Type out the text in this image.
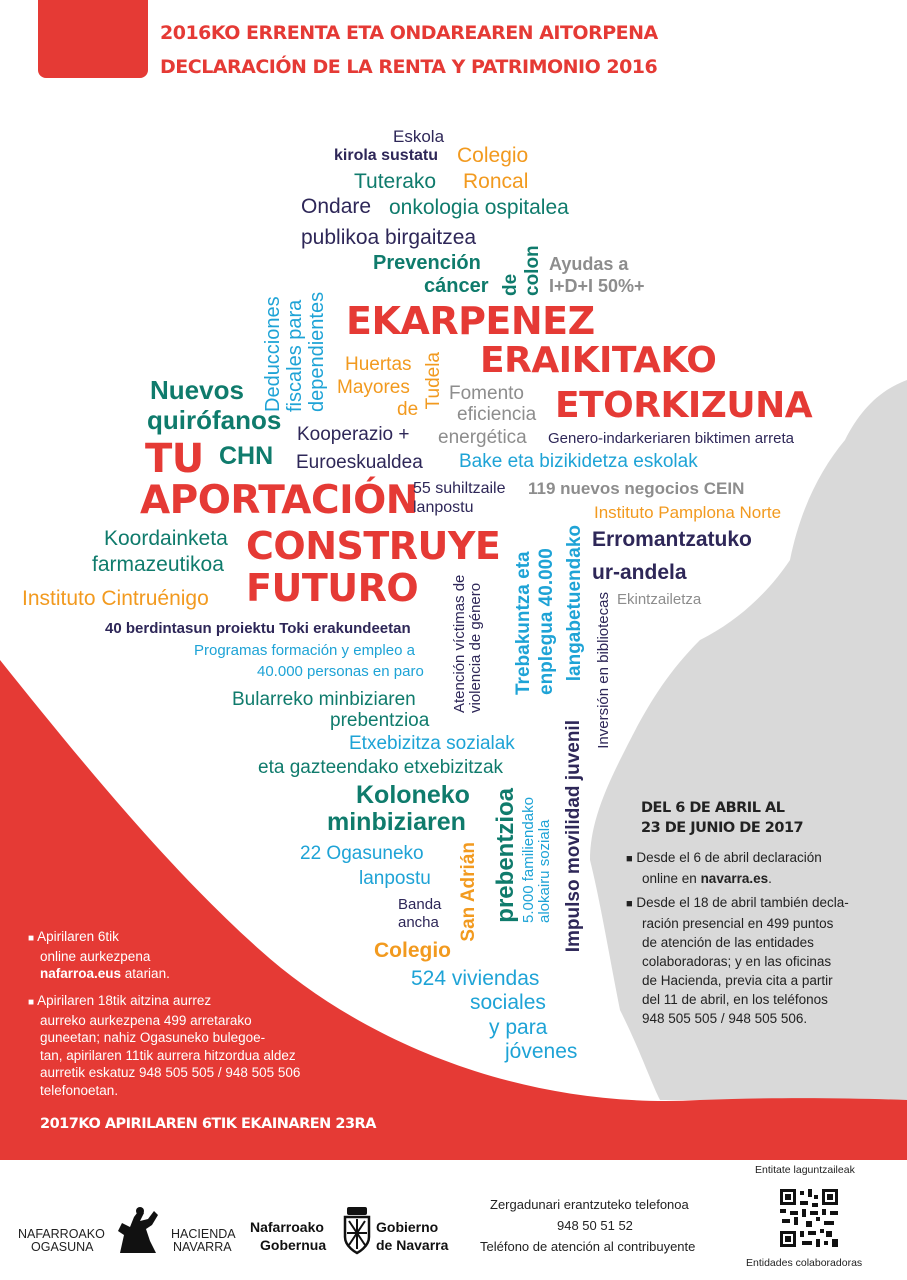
2016KO ERRENTA ETA ONDAREAREN AITORPENA
DECLARACIÓN DE LA RENTA Y PATRIMONIO 2016
Eskola
kirola sustatu Colegio
Tuterako Roncal
Ondare onkologia ospitalea
publikoa birgaitzea
Prevención
cáncer de colon Ayudas a
I+D+I 50%+
Deducciones fiscales para dependientes EKARPENEZ
ERAIKITAKO
ETORKIZUNA
Huertas
Mayores
de
Tudela Fomento
eficiencia
energética
Nuevos
quirófanos Kooperazio +
Euroeskualdea
Genero-indarkeriaren biktimen arreta
Bake eta bizikidetza eskolak
TU CHN
APORTACIÓN
55 suhiltzaile
lanpostu
119 nuevos negocios CEIN
Instituto Pamplona Norte
Koordainketa
farmazeutikoa CONSTRUYE
FUTURO
Instituto Cintruénigo	Atención víctimas de violencia de género	Trebakuntza eta enplegua 40.000 langabetuendako Erromantzatuko
ur-andela
Ekintzailetza
40 berdintasun proiektu Toki erakundeetan
Programas formación y empleo a
40.000 personas en paro	Inversión en bibliotecas
Bularreko minbiziaren
prebentzioa
Etxebizitza sozialak
eta gazteendako etxebizitzak	Impulso movilidad juvenil
Koloneko
minbiziaren prebentzioa 5.000 familiendako alokairu soziala
22 Ogasuneko
lanpostu
Banda
ancha San Adrián
Colegio
524 viviendas
sociales
y para
jóvenes
DEL 6 DE ABRIL AL
23 DE JUNIO DE 2017
■ Desde el 6 de abril declaración
online en navarra.es.
■ Desde el 18 de abril también decla-
ración presencial en 499 puntos
de atención de las entidades
colaboradoras; y en las oficinas
de Hacienda, previa cita a partir
del 11 de abril, en los teléfonos
948 505 505 / 948 505 506.
■ Apirilaren 6tik
online aurkezpena
nafarroa.eus atarian.
■ Apirilaren 18tik aitzina aurrez
aurreko aurkezpena 499 arretarako
guneetan; nahiz Ogasuneko bulegoe-
tan, apirilaren 11tik aurrera hitzordua aldez
aurretik eskatuz 948 505 505 / 948 505 506
telefonoetan.
2017KO APIRILAREN 6TIK EKAINAREN 23RA
NAFARROAKO
OGASUNA
HACIENDA
NAVARRA
Nafarroako
Gobernua
Gobierno
de Navarra
Zergadunari erantzuteko telefonoa
948 50 51 52
Teléfono de atención al contribuyente
Entitate laguntzaileak
Entidades colaboradoras
